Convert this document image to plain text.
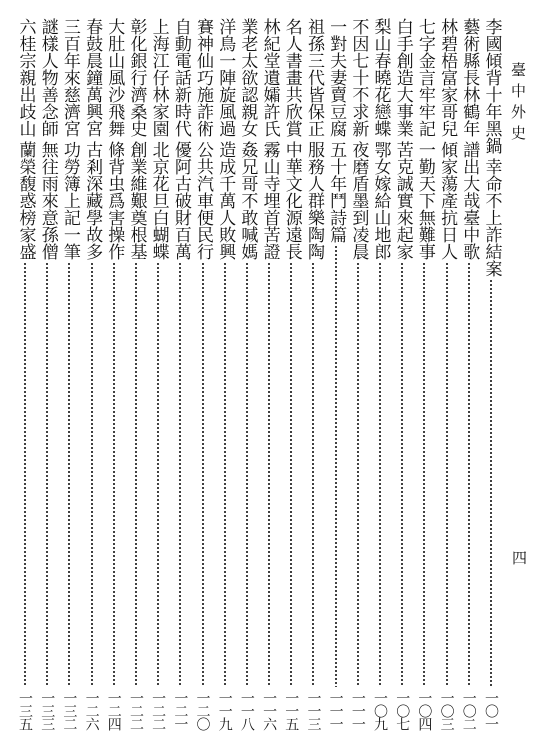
臺中外史
四
李國傾背十年黑鍋
幸命不上詐結案
一〇一
藝術縣長林鶴年
譜出大哉臺中歌
一〇二
林碧梧富家哥兒
傾家蕩產抗日人
一〇三
七字金言牢牢記
一勤天下無難事
一〇四
白手創造大事業
苦克誠實來起家
一〇七
梨山春曉花戀蝶
鄂女嫁給山地郎
一〇九
不因七十不求新
夜磨盾墨到凌晨
一一一
一對夫妻賣豆腐
五十年鬥詩篇
一一一
祖孫三代皆保正
服務人群樂陶陶
一一三
名人書畫共欣賞
中華文化源遠長
一一五
林紀堂遺孀許氏
霧山寺埋首苦證
一一六
業老太欲認親女
姦兄哥不敢喊媽
一一八
洋鳥一陣旋風過
造成千萬人敗興
一一九
賽神仙巧施詐術
公共汽車便民行
一二〇
自動電話新時代
優阿古破財百萬
一二一
上海江仔林家園
北京花旦白蝴蝶
一二二
彰化銀行濟桑史
創業維艱奠根基
一二二
大肚山風沙飛舞
條背虫爲害操作
一二四
春鼓晨鐘萬興宮
古剎深藏學故多
一二六
三百年來慈濟宮
功勞簿上記一筆
一三二
謎樣人物善念師
無往雨來意孫僧
一三三
六桂宗親出歧山
蘭榮馥惑榜家盛
一三五
